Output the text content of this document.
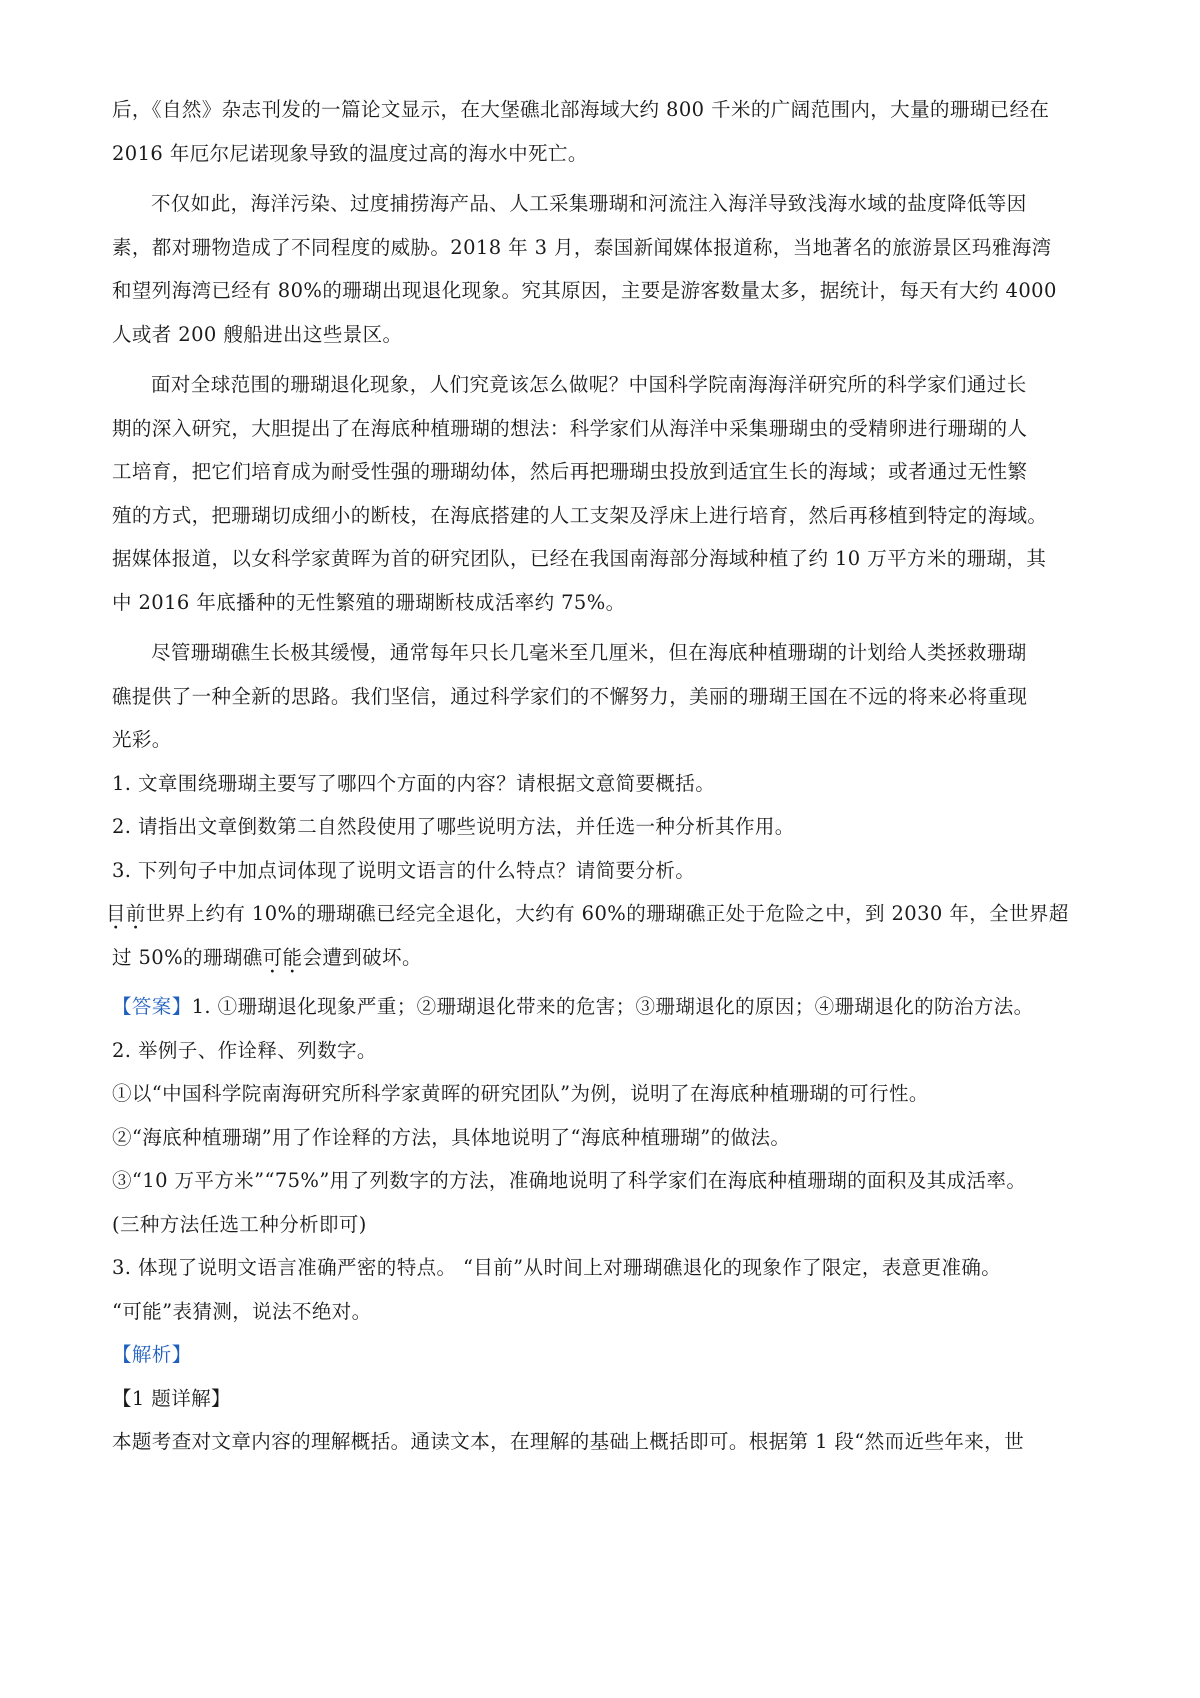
后，《自然》杂志刊发的一篇论文显示，在大堡礁北部海域大约 800 千米的广阔范围内，大量的珊瑚已经在

2016 年厄尔尼诺现象导致的温度过高的海水中死亡。

不仅如此，海洋污染、过度捕捞海产品、人工采集珊瑚和河流注入海洋导致浅海水域的盐度降低等因

素，都对珊物造成了不同程度的威胁。2018 年 3 月，泰国新闻媒体报道称，当地著名的旅游景区玛雅海湾

和望列海湾已经有 80%的珊瑚出现退化现象。究其原因，主要是游客数量太多，据统计，每天有大约 4000

人或者 200 艘船进出这些景区。

面对全球范围的珊瑚退化现象，人们究竟该怎么做呢？中国科学院南海海洋研究所的科学家们通过长

期的深入研究，大胆提出了在海底种植珊瑚的想法：科学家们从海洋中采集珊瑚虫的受精卵进行珊瑚的人

工培育，把它们培育成为耐受性强的珊瑚幼体，然后再把珊瑚虫投放到适宜生长的海域；或者通过无性繁

殖的方式，把珊瑚切成细小的断枝，在海底搭建的人工支架及浮床上进行培育，然后再移植到特定的海域。

据媒体报道，以女科学家黄晖为首的研究团队，已经在我国南海部分海域种植了约 10 万平方米的珊瑚，其

中 2016 年底播种的无性繁殖的珊瑚断枝成活率约 75%。

尽管珊瑚礁生长极其缓慢，通常每年只长几毫米至几厘米，但在海底种植珊瑚的计划给人类拯救珊瑚

礁提供了一种全新的思路。我们坚信，通过科学家们的不懈努力，美丽的珊瑚王国在不远的将来必将重现

光彩。

1. 文章围绕珊瑚主要写了哪四个方面的内容？请根据文意简要概括。

2. 请指出文章倒数第二自然段使用了哪些说明方法，并任选一种分析其作用。

3. 下列句子中加点词体现了说明文语言的什么特点？请简要分析。

目前世界上约有 10%的珊瑚礁已经完全退化，大约有 60%的珊瑚礁正处于危险之中，到 2030 年，全世界超

过 50%的珊瑚礁可能会遭到破坏。

【答案】1. ①珊瑚退化现象严重；②珊瑚退化带来的危害；③珊瑚退化的原因；④珊瑚退化的防治方法。

2. 举例子、作诠释、列数字。

①以“中国科学院南海研究所科学家黄晖的研究团队”为例，说明了在海底种植珊瑚的可行性。

②“海底种植珊瑚”用了作诠释的方法，具体地说明了“海底种植珊瑚”的做法。

③“10 万平方米”“75%”用了列数字的方法，准确地说明了科学家们在海底种植珊瑚的面积及其成活率。

(三种方法任选工种分析即可)

3. 体现了说明文语言准确严密的特点。 “目前”从时间上对珊瑚礁退化的现象作了限定，表意更准确。

“可能”表猜测，说法不绝对。

【解析】

【1 题详解】

本题考查对文章内容的理解概括。通读文本，在理解的基础上概括即可。根据第 1 段“然而近些年来，世
